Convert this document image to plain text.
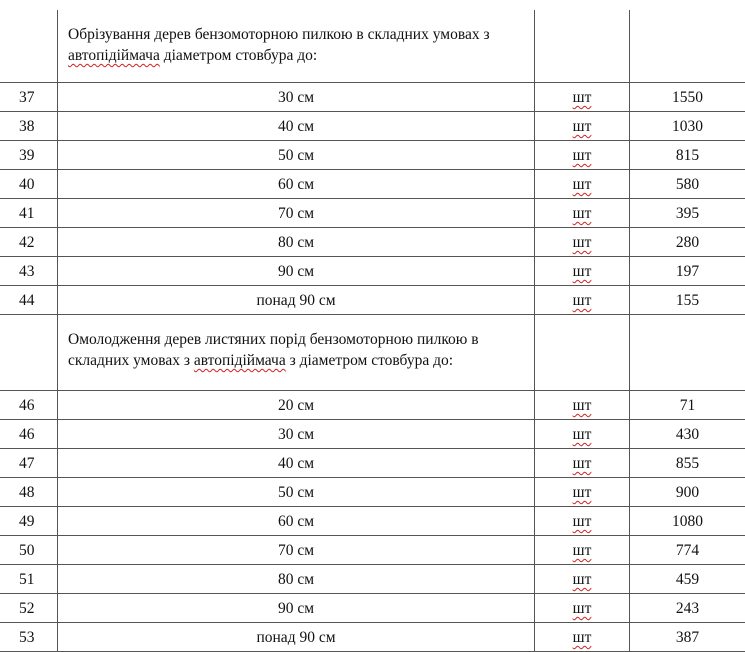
Обрізування дерев бензомоторною пилкою в складних умовах з автопідіймача діаметром стовбура до:
37	30 см	шт	1550
38	40 см	шт	1030
39	50 см	шт	815
40	60 см	шт	580
41	70 см	шт	395
42	80 см	шт	280
43	90 см	шт	197
44	понад 90 см	шт	155
Омолодження дерев листяних порід бензомоторною пилкою в складних умовах з автопідіймача з діаметром стовбура до:
46	20 см	шт	71
46	30 см	шт	430
47	40 см	шт	855
48	50 см	шт	900
49	60 см	шт	1080
50	70 см	шт	774
51	80 см	шт	459
52	90 см	шт	243
53	понад 90 см	шт	387
